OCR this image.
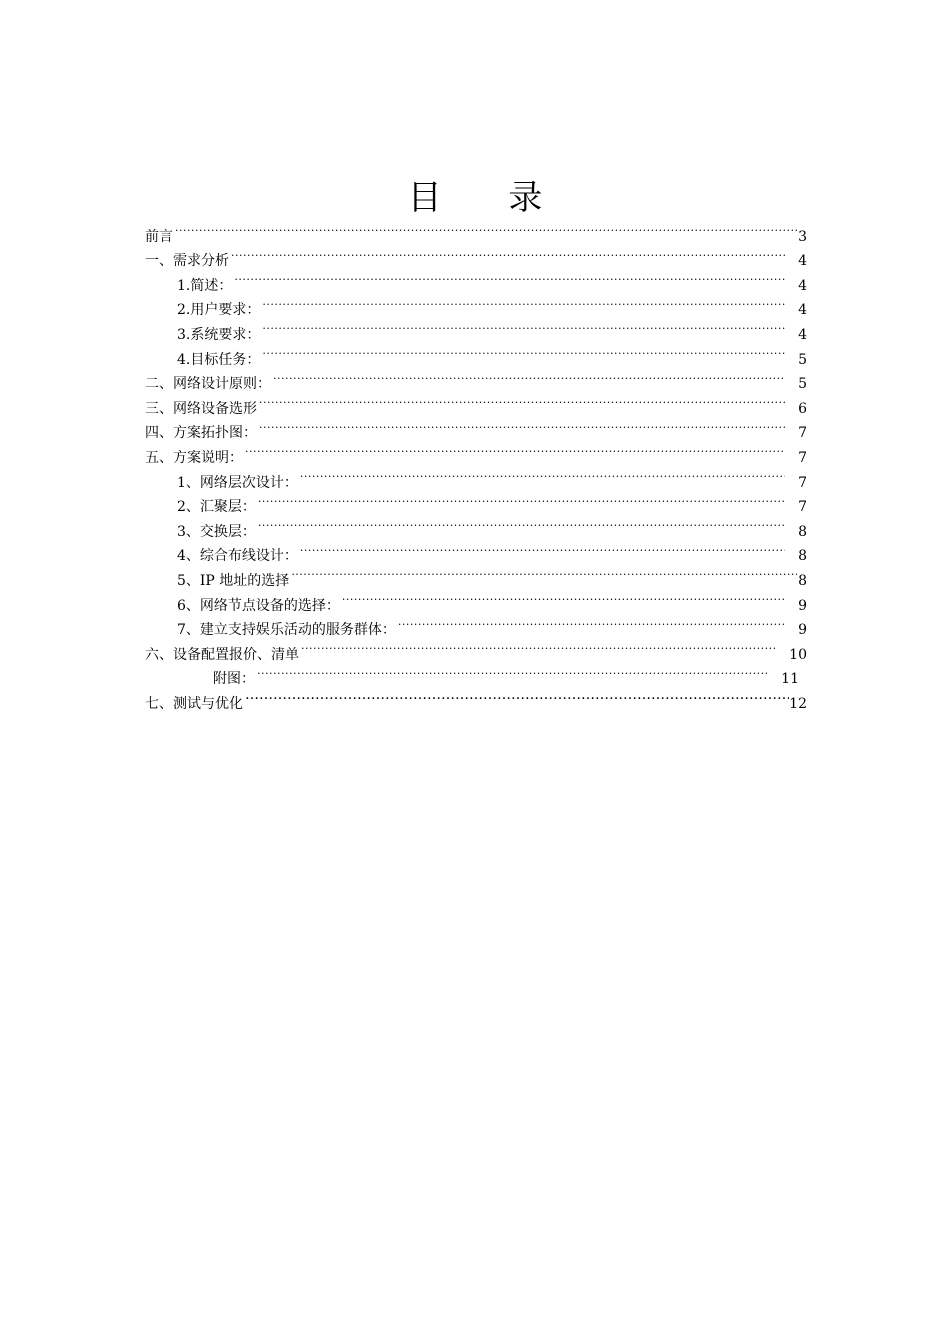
目 录
前言 .....	3
一、需求分析 .....	4
1.简述： .....	4
2.用户要求： .....	4
3.系统要求： .....	4
4.目标任务： .....	5
二、网络设计原则： .....	5
三、网络设备选形 .....	6
四、方案拓扑图： .....	7
五、方案说明： .....	7
1、网络层次设计： .....	7
2、汇聚层： .....	7
3、交换层： .....	8
4、综合布线设计： .....	8
5、IP 地址的选择 .....	8
6、网络节点设备的选择： .....	9
7、建立支持娱乐活动的服务群体： .....	9
六、设备配置报价、清单 .....	10
附图： .....	11
七、测试与优化 ………………………………………………………………………………………………………………………………………………………………	12
